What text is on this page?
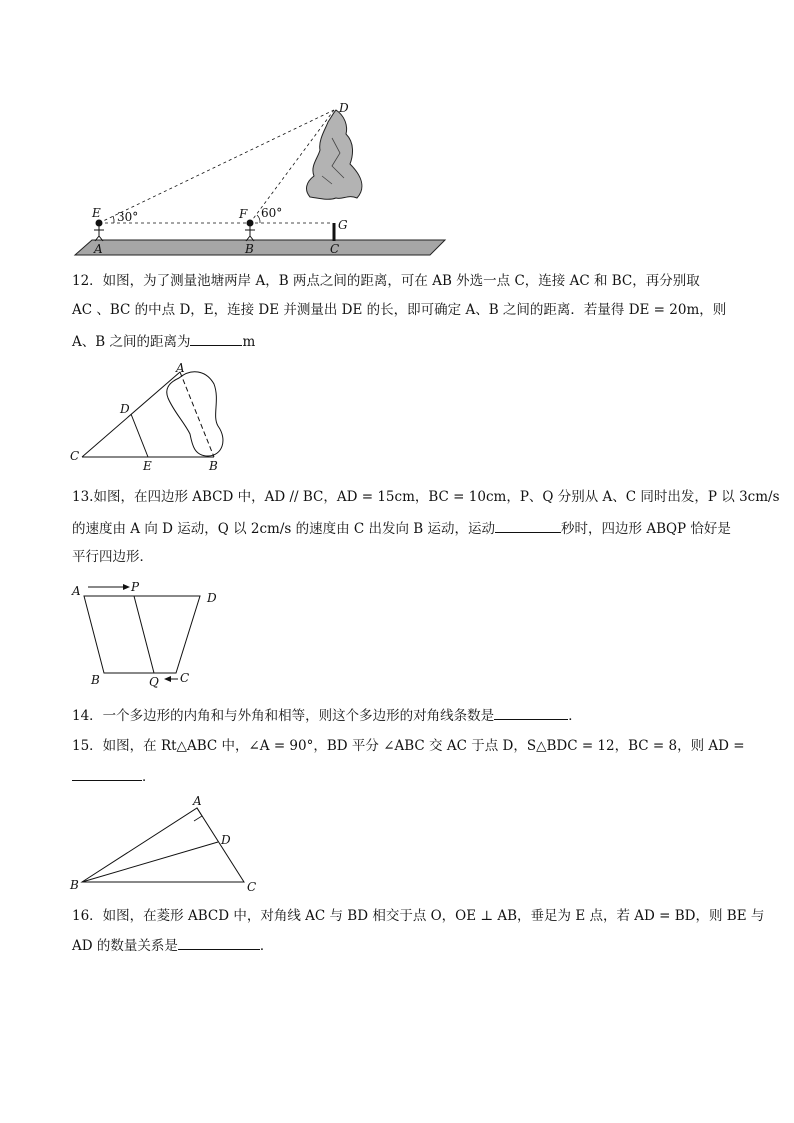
D
E	F
G
A	B	C
30°	60°
12．如图，为了测量池塘两岸 A，B 两点之间的距离，可在 AB 外选一点 C，连接 AC 和 BC，再分别取
AC 、BC 的中点 D，E，连接 DE 并测量出 DE 的长，即可确定 A、B 之间的距离．若量得 DE = 20m，则
A、B 之间的距离为	m
A
D
C
E	B
13.如图，在四边形 ABCD 中，AD // BC，AD = 15cm，BC = 10cm，P、Q 分别从 A、C 同时出发，P 以 3cm/s
的速度由 A 向 D 运动，Q 以 2cm/s 的速度由 C 出发向 B 运动，运动	秒时，四边形 ABQP 恰好是
平行四边形．
A	P
D
B	Q C
14．一个多边形的内角和与外角和相等，则这个多边形的对角线条数是	．
15．如图，在 Rt△ABC 中，∠A = 90°，BD 平分 ∠ABC 交 AC 于点 D，S△BDC = 12，BC = 8，则 AD =
．
A
D
B	C
16．如图，在菱形 ABCD 中，对角线 AC 与 BD 相交于点 O，OE ⊥ AB，垂足为 E 点，若 AD = BD，则 BE 与
AD 的数量关系是	．
